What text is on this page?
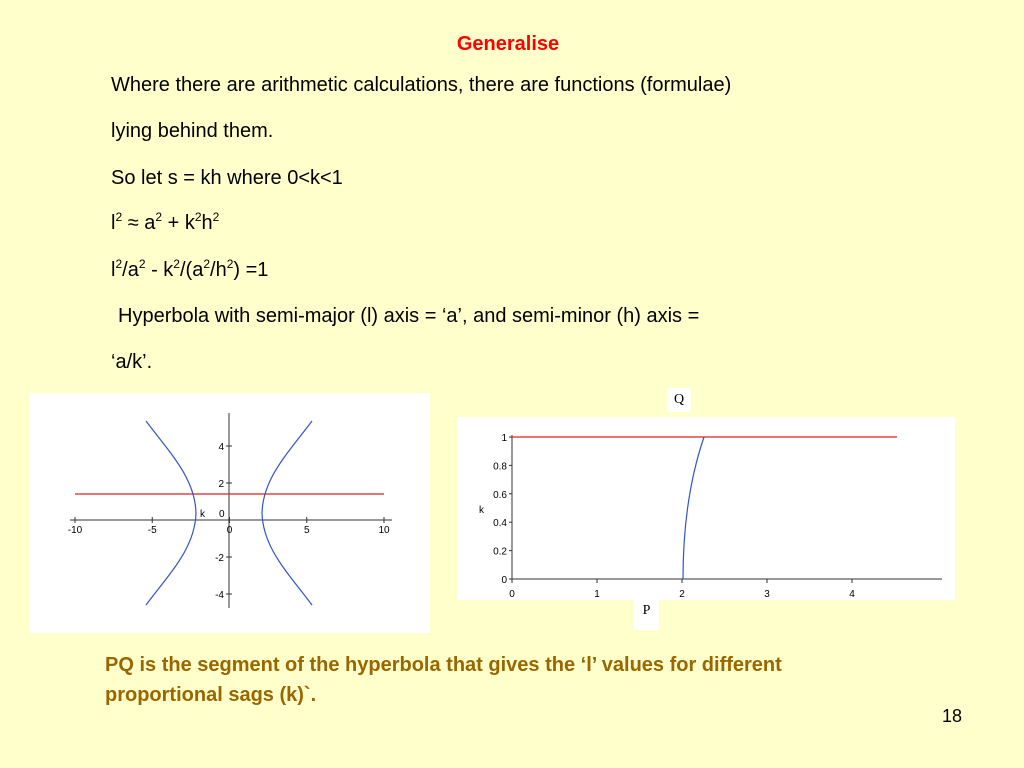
Generalise
Where there are arithmetic calculations, there are functions (formulae)
lying behind them.
So let s = kh where 0<k<1
$l^2 \approx a^2 + k^2h^2$
$l^2/a^2 - k^2/(a^2/h^2) =1$
Hyperbola with semi-major (l) axis = ‘a’, and semi-minor (h) axis =
‘a/k’.
-10	-5	0	5	10
4
2
-2
-4
k 0
0	1	2	3	4
1
0.8
0.6
0.4
0.2
0
k
Q
P
PQ is the segment of the hyperbola that gives the ‘l’ values for different proportional sags (k)`.
18
